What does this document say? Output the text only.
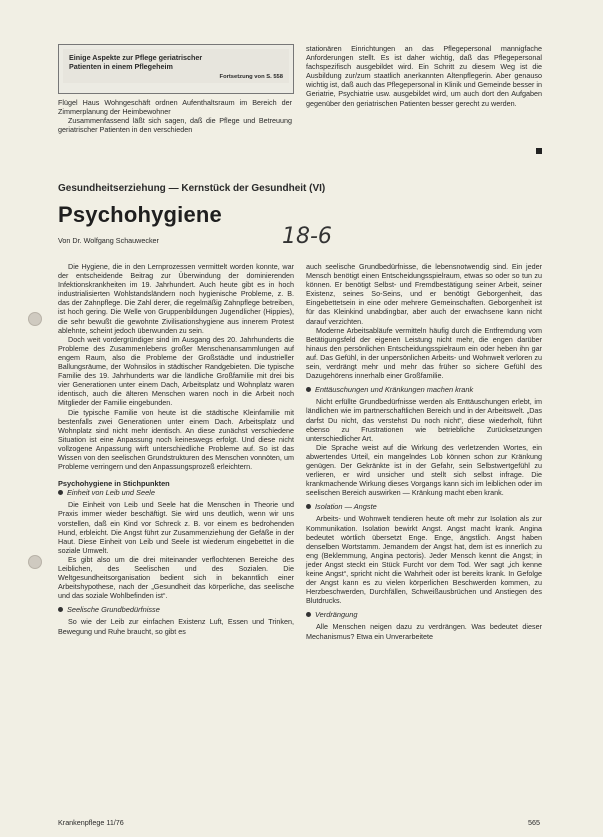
Einige Aspekte zur Pflege geriatrischer
Patienten in einem Pflegeheim
Fortsetzung von S. 558

Flügel Haus Wohngeschäft ordnen Aufenthaltsraum im Bereich der Zimmerplanung der Heimbewohner

Zusammenfassend läßt sich sagen, daß die Pflege und Betreuung geriatrischer Patienten in den verschieden

stationären Einrichtungen an das Pflegepersonal mannigfache Anforderungen stellt. Es ist daher wichtig, daß das Pflegepersonal fachspezifisch ausgebildet wird. Ein Schritt zu diesem Weg ist die Ausbildung zur/zum staatlich anerkannten Altenpflegerin. Aber genauso wichtig ist, daß auch das Pflegepersonal in Klinik und Gemeinde besser in Geriatrie, Psychiatrie usw. ausgebildet wird, um auch dort den Aufgaben gegenüber den geriatrischen Patienten besser gerecht zu werden.

Gesundheitserziehung — Kernstück der Gesundheit (VI)
Psychohygiene
18-6
Von Dr. Wolfgang Schauwecker

Die Hygiene, die in den Lernprozessen vermittelt worden konnte, war der entscheidende Beitrag zur Überwindung der dominierenden Infektionskrankheiten im 19. Jahrhundert. Auch heute gibt es in hoch industrialisierten Wohlstandsländern noch hygienische Probleme, z. B. das der Zahnpflege. Die Zahl derer, die regelmäßig Zahnpflege betreiben, ist hoch gering. Die Welle von Gruppenbildungen Jugendlicher (Hippies), die sehr bewußt die gewohnte Zivilisationshygiene aus innerem Protest ablehnte, scheint jedoch überwunden zu sein.

Doch weit vordergründiger sind im Ausgang des 20. Jahrhunderts die Probleme des Zusammenlebens großer Menschenansammlungen auf engem Raum, also die Probleme der Großstädte und industrieller Ballungsräume, der Wohnsilos in städtischer Randgebieten. Die typische Familie des 19. Jahrhunderts war die ländliche Großfamilie mit drei bis vier Generationen unter einem Dach, Arbeitsplatz und Wohnplatz waren identisch, auch die älteren Menschen waren noch in die Arbeit noch Mitglieder der Familie eingebunden.

Die typische Familie von heute ist die städtische Kleinfamilie mit bestenfalls zwei Generationen unter einem Dach. Arbeitsplatz und Wohnplatz sind nicht mehr identisch. An diese zunächst verschiedene Situation ist eine Anpassung noch keineswegs erfolgt. Und diese nicht vollzogene Anpassung wirft unterschiedliche Probleme auf. So ist das Wissen von den seelischen Grundstrukturen des Menschen vonnöten, um Probleme verringern und den Anpassungsprozeß erleichtern.

Psychohygiene in Stichpunkten
Einheit von Leib und Seele

Die Einheit von Leib und Seele hat die Menschen in Theorie und Praxis immer wieder beschäftigt. Sie wird uns deutlich, wenn wir uns vorstellen, daß ein Kind vor Schreck z. B. vor einem es bedrohenden Hund, erbleicht. Die Angst führt zur Zusammenziehung der Gefäße in der Haut. Diese Einheit von Leib und Seele ist wiederum eingebettet in die soziale Umwelt.

Es gibt also um die drei miteinander verflochtenen Bereiche des Leiblichen, des Seelischen und des Sozialen. Die Weltgesundheitsorganisation bedient sich in bekanntlich einer Arbeitshypothese, nach der „Gesundheit das körperliche, das seelische und das soziale Wohlbefinden ist“.

Seelische Grundbedürfnisse

So wie der Leib zur einfachen Existenz Luft, Essen und Trinken, Bewegung und Ruhe braucht, so gibt es

auch seelische Grundbedürfnisse, die lebensnotwendig sind. Ein jeder Mensch benötigt einen Entscheidungsspielraum, etwas so oder so tun zu können. Er benötigt Selbst- und Fremdbestätigung seiner Arbeit, seiner Existenz, seines So-Seins, und er benötigt Geborgenheit, das Eingebettetsein in eine oder mehrere Gemeinschaften. Geborgenheit ist für das Kleinkind unabdingbar, aber auch der erwachsene kann nicht darauf verzichten.

Moderne Arbeitsabläufe vermitteln häufig durch die Entfremdung vom Betätigungsfeld der eigenen Leistung nicht mehr, die engen darüber hinaus den persönlichen Entscheidungsspielraum ein oder heben ihn gar auf. Das Gefühl, in der unpersönlichen Arbeits- und Wohnwelt verloren zu sein, verdrängt mehr und mehr das früher so sichere Gefühl des Dazugehörens innerhalb einer Großfamilie.

Enttäuschungen und Kränkungen machen krank

Nicht erfüllte Grundbedürfnisse werden als Enttäuschungen erlebt, im ländlichen wie im partnerschaftlichen Bereich und in der Arbeitswelt. „Das darfst Du nicht, das verstehst Du noch nicht“, diese wiederholt, führt ebenso zu Frustrationen wie betriebliche Zurücksetzungen unterschiedlicher Art.

Die Sprache weist auf die Wirkung des verletzenden Wortes, ein abwertendes Urteil, ein mangelndes Lob können schon zur Kränkung genügen. Der Gekränkte ist in der Gefahr, sein Selbstwertgefühl zu verlieren, er wird unsicher und stellt sich selbst infrage. Die krankmachende Wirkung dieses Vorgangs kann sich im leiblichen oder im seelischen Bereich auswirken — Kränkung macht eben krank.

Isolation — Angste

Arbeits- und Wohnwelt tendieren heute oft mehr zur Isolation als zur Kommunikation. Isolation bewirkt Angst. Angst macht krank. Angina bedeutet wörtlich übersetzt Enge. Enge, ängstlich. Angst haben denselben Wortstamm. Jemandem der Angst hat, dem ist es innerlich zu eng (Beklemmung, Angina pectoris). Jeder Mensch kennt die Angst; in jeder Angst steckt ein Stück Furcht vor dem Tod. Wer sagt „ich kenne keine Angst“, spricht nicht die Wahrheit oder ist bereits krank. In Gefolge der Angst kann es zu vielen körperlichen Beschwerden kommen, zu Herzbeschwerden, Durchfällen, Schweißausbrüchen und Anstiegen des Blutdrucks.

Verdrängung

Alle Menschen neigen dazu zu verdrängen. Was bedeutet dieser Mechanismus? Etwa ein Unverarbeitete

Krankenpflege 11/76	565
